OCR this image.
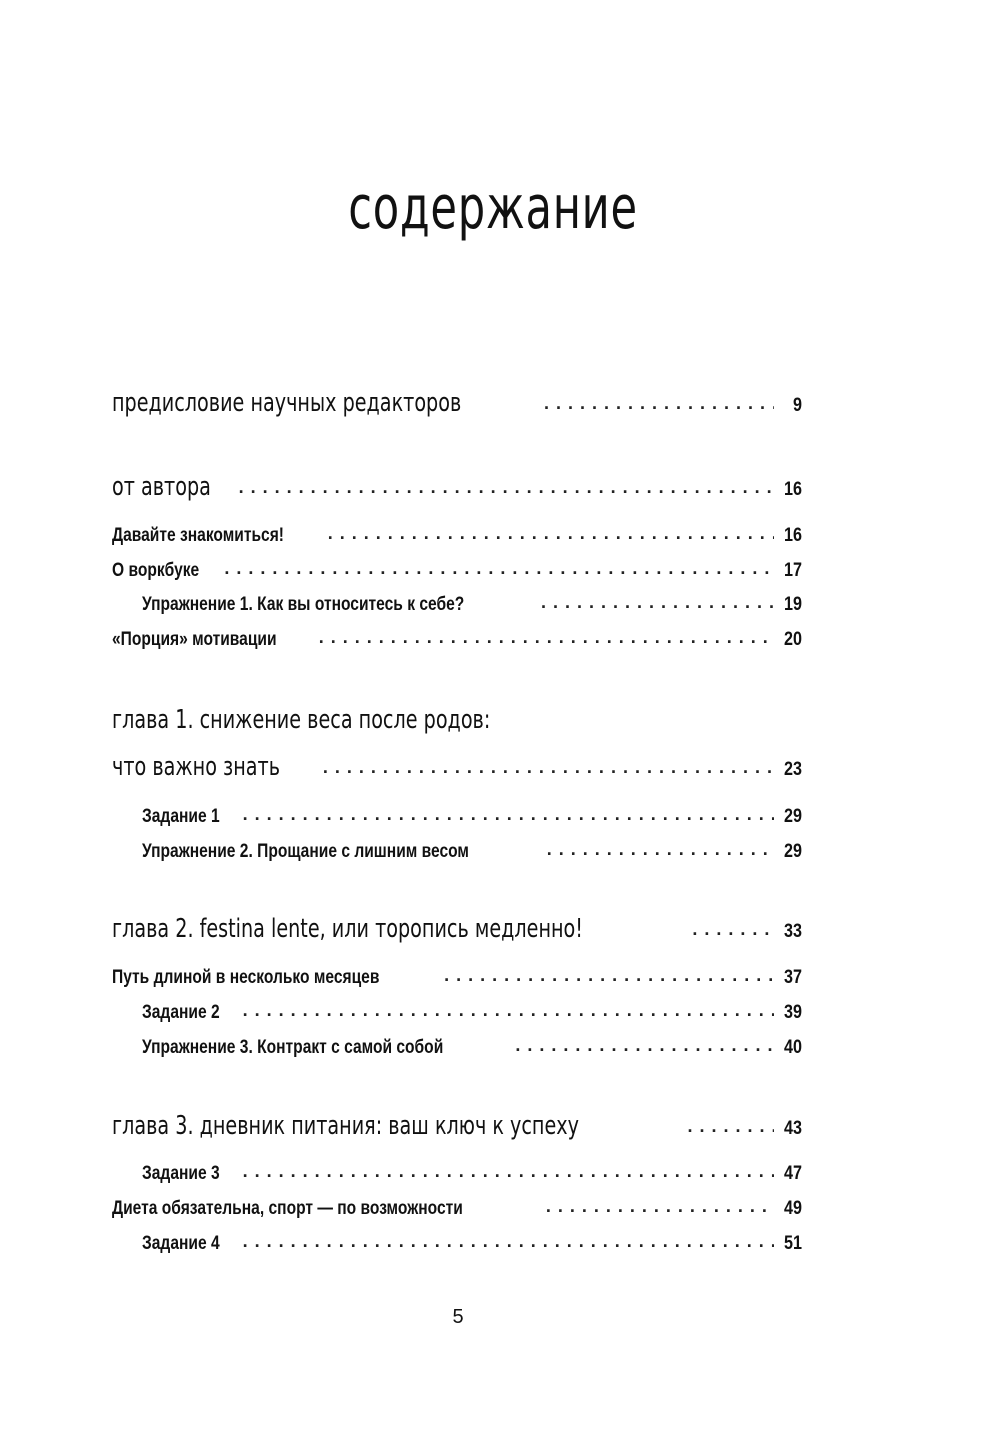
содержание
предисловие научных редакторов . . .	9
от автора . . .	16
Давайте знакомиться! . . .	16
О воркбуке . . .	17
Упражнение 1. Как вы относитесь к себе? . . .	19
«Порция» мотивации . . .	20
глава 1. снижение веса после родов:
что важно знать . . .	23
Задание 1 . . .	29
Упражнение 2. Прощание с лишним весом . . .	29
глава 2. festina lente, или торопись медленно! . . .	33
Путь длиной в несколько месяцев . . .	37
Задание 2 . . .	39
Упражнение 3. Контракт с самой собой . . .	40
глава 3. дневник питания: ваш ключ к успеху . . .	43
Задание 3 . . .	47
Диета обязательна, спорт — по возможности . . .	49
Задание 4 . . .	51
5
